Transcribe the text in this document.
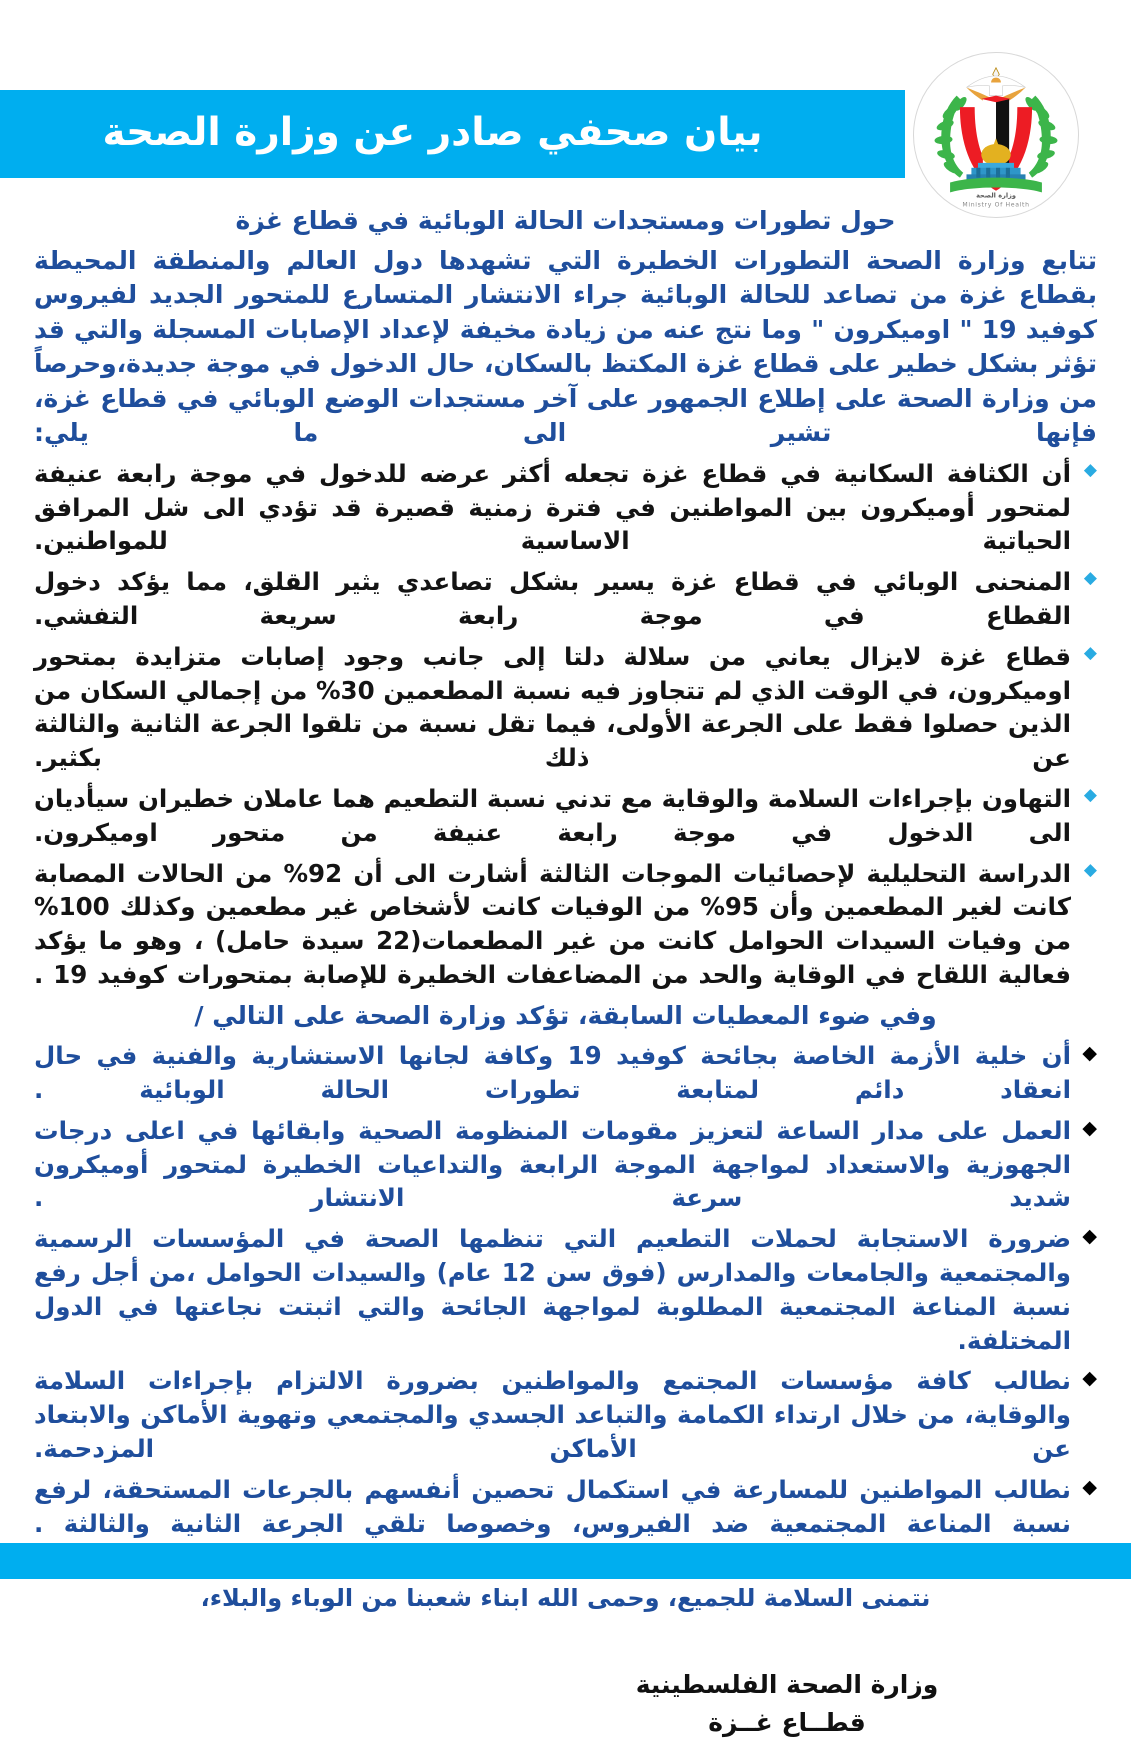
بيان صحفي صادر عن وزارة الصحة
وزارة الصحة
Ministry Of Health
حول تطورات ومستجدات الحالة الوبائية في قطاع غزة

تتابع وزارة الصحة التطورات الخطيرة التي تشهدها دول العالم والمنطقة المحيطة بقطاع غزة من تصاعد للحالة الوبائية جراء الانتشار المتسارع للمتحور الجديد لفيروس كوفيد 19 " اوميكرون " وما نتج عنه من زيادة مخيفة لإعداد الإصابات المسجلة والتي قد تؤثر بشكل خطير على قطاع غزة المكتظ بالسكان، حال الدخول في موجة جديدة،وحرصاً من وزارة الصحة على إطلاع الجمهور على آخر مستجدات الوضع الوبائي في قطاع غزة، فإنها تشير الى ما يلي:

◆
أن الكثافة السكانية في قطاع غزة تجعله أكثر عرضه للدخول في موجة رابعة عنيفة لمتحور أوميكرون بين المواطنين في فترة زمنية قصيرة قد تؤدي الى شل المرافق الحياتية الاساسية للمواطنين.
◆
المنحنى الوبائي في قطاع غزة يسير بشكل تصاعدي يثير القلق، مما يؤكد دخول القطاع في موجة رابعة سريعة التفشي.
◆
قطاع غزة لايزال يعاني من سلالة دلتا إلى جانب وجود إصابات متزايدة بمتحور اوميكرون، في الوقت الذي لم تتجاوز فيه نسبة المطعمين 30% من إجمالي السكان من الذين حصلوا فقط على الجرعة الأولى، فيما تقل نسبة من تلقوا الجرعة الثانية والثالثة عن ذلك بكثير.
◆
التهاون بإجراءات السلامة والوقاية مع تدني نسبة التطعيم هما عاملان خطيران سيأديان الى الدخول في موجة رابعة عنيفة من متحور اوميكرون.
◆
الدراسة التحليلية لإحصائيات الموجات الثالثة أشارت الى أن 92% من الحالات المصابة كانت لغير المطعمين وأن 95% من الوفيات كانت لأشخاص غير مطعمين وكذلك 100% من وفيات السيدات الحوامل كانت من غير المطعمات(22 سيدة حامل) ، وهو ما يؤكد فعالية اللقاح في الوقاية والحد من المضاعفات الخطيرة للإصابة بمتحورات كوفيد 19 .
وفي ضوء المعطيات السابقة، تؤكد وزارة الصحة على التالي /
◆
أن خلية الأزمة الخاصة بجائحة كوفيد 19 وكافة لجانها الاستشارية والفنية في حال انعقاد دائم لمتابعة تطورات الحالة الوبائية .
◆
العمل على مدار الساعة لتعزيز مقومات المنظومة الصحية وابقائها في اعلى درجات الجهوزية والاستعداد لمواجهة الموجة الرابعة والتداعيات الخطيرة لمتحور أوميكرون شديد سرعة الانتشار .
◆
ضرورة الاستجابة لحملات التطعيم التي تنظمها الصحة في المؤسسات الرسمية والمجتمعية والجامعات والمدارس (فوق سن 12 عام) والسيدات الحوامل ،من أجل رفع نسبة المناعة المجتمعية المطلوبة لمواجهة الجائحة والتي اثبتت نجاعتها في الدول المختلفة.
◆
نطالب كافة مؤسسات المجتمع والمواطنين بضرورة الالتزام بإجراءات السلامة والوقاية، من خلال ارتداء الكمامة والتباعد الجسدي والمجتمعي وتهوية الأماكن والابتعاد عن الأماكن المزدحمة.
◆
نطالب المواطنين للمسارعة في استكمال تحصين أنفسهم بالجرعات المستحقة، لرفع نسبة المناعة المجتمعية ضد الفيروس، وخصوصا تلقي الجرعة الثانية والثالثة .
نتمنى السلامة للجميع، وحمى الله ابناء شعبنا من الوباء والبلاء،
وزارة الصحة الفلسطينية
قطــاع غــزة
